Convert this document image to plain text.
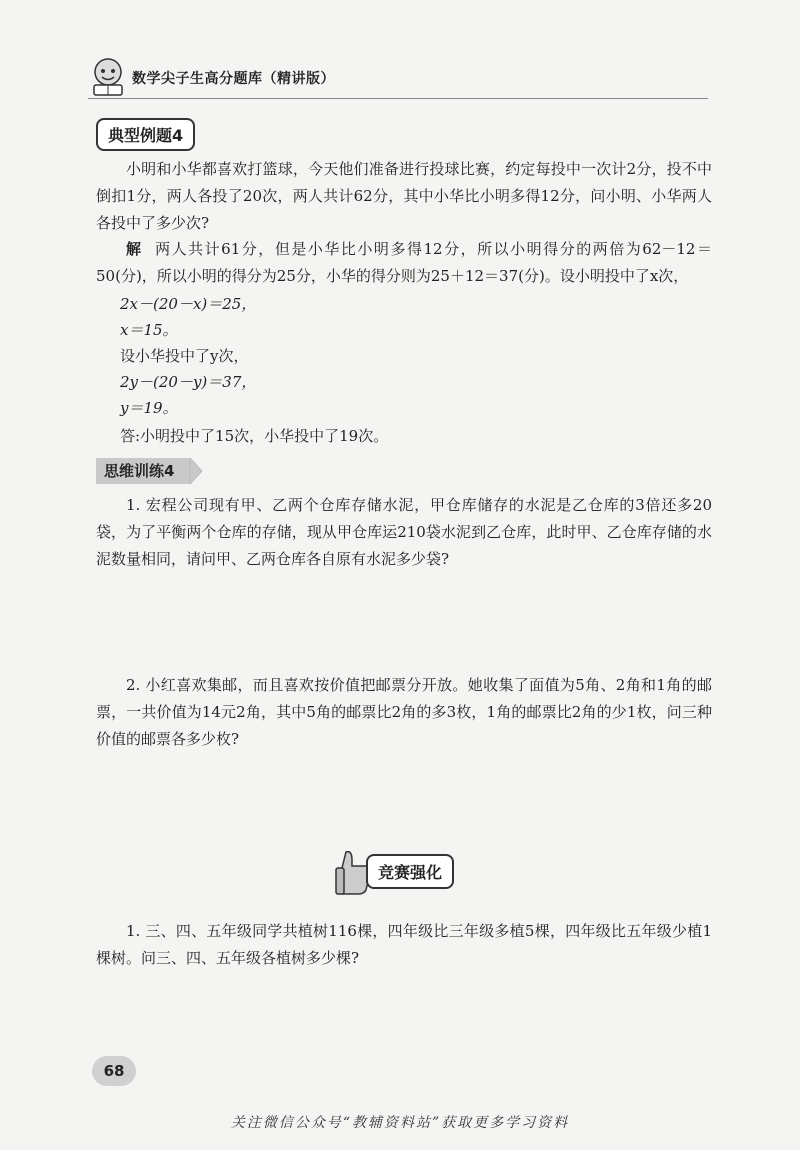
数学尖子生高分题库（精讲版）
典型例题4
小明和小华都喜欢打篮球，今天他们准备进行投球比赛，约定每投中一次计2分，投不中倒扣1分，两人各投了20次，两人共计62分，其中小华比小明多得12分，问小明、小华两人各投中了多少次?
解 两人共计61分，但是小华比小明多得12分，所以小明得分的两倍为62－12＝50(分)，所以小明的得分为25分，小华的得分则为25＋12＝37(分)。设小明投中了x次，
2x－(20－x)＝25，
x＝15。
设小华投中了y次，
2y－(20－y)＝37，
y＝19。
答:小明投中了15次，小华投中了19次。
思维训练4
1. 宏程公司现有甲、乙两个仓库存储水泥，甲仓库储存的水泥是乙仓库的3倍还多20袋，为了平衡两个仓库的存储，现从甲仓库运210袋水泥到乙仓库，此时甲、乙仓库存储的水泥数量相同，请问甲、乙两仓库各自原有水泥多少袋?
2. 小红喜欢集邮，而且喜欢按价值把邮票分开放。她收集了面值为5角、2角和1角的邮票，一共价值为14元2角，其中5角的邮票比2角的多3枚，1角的邮票比2角的少1枚，问三种价值的邮票各多少枚?
竞赛强化
1. 三、四、五年级同学共植树116棵，四年级比三年级多植5棵，四年级比五年级少植1棵树。问三、四、五年级各植树多少棵?
68
关注微信公众号“教辅资料站”获取更多学习资料
